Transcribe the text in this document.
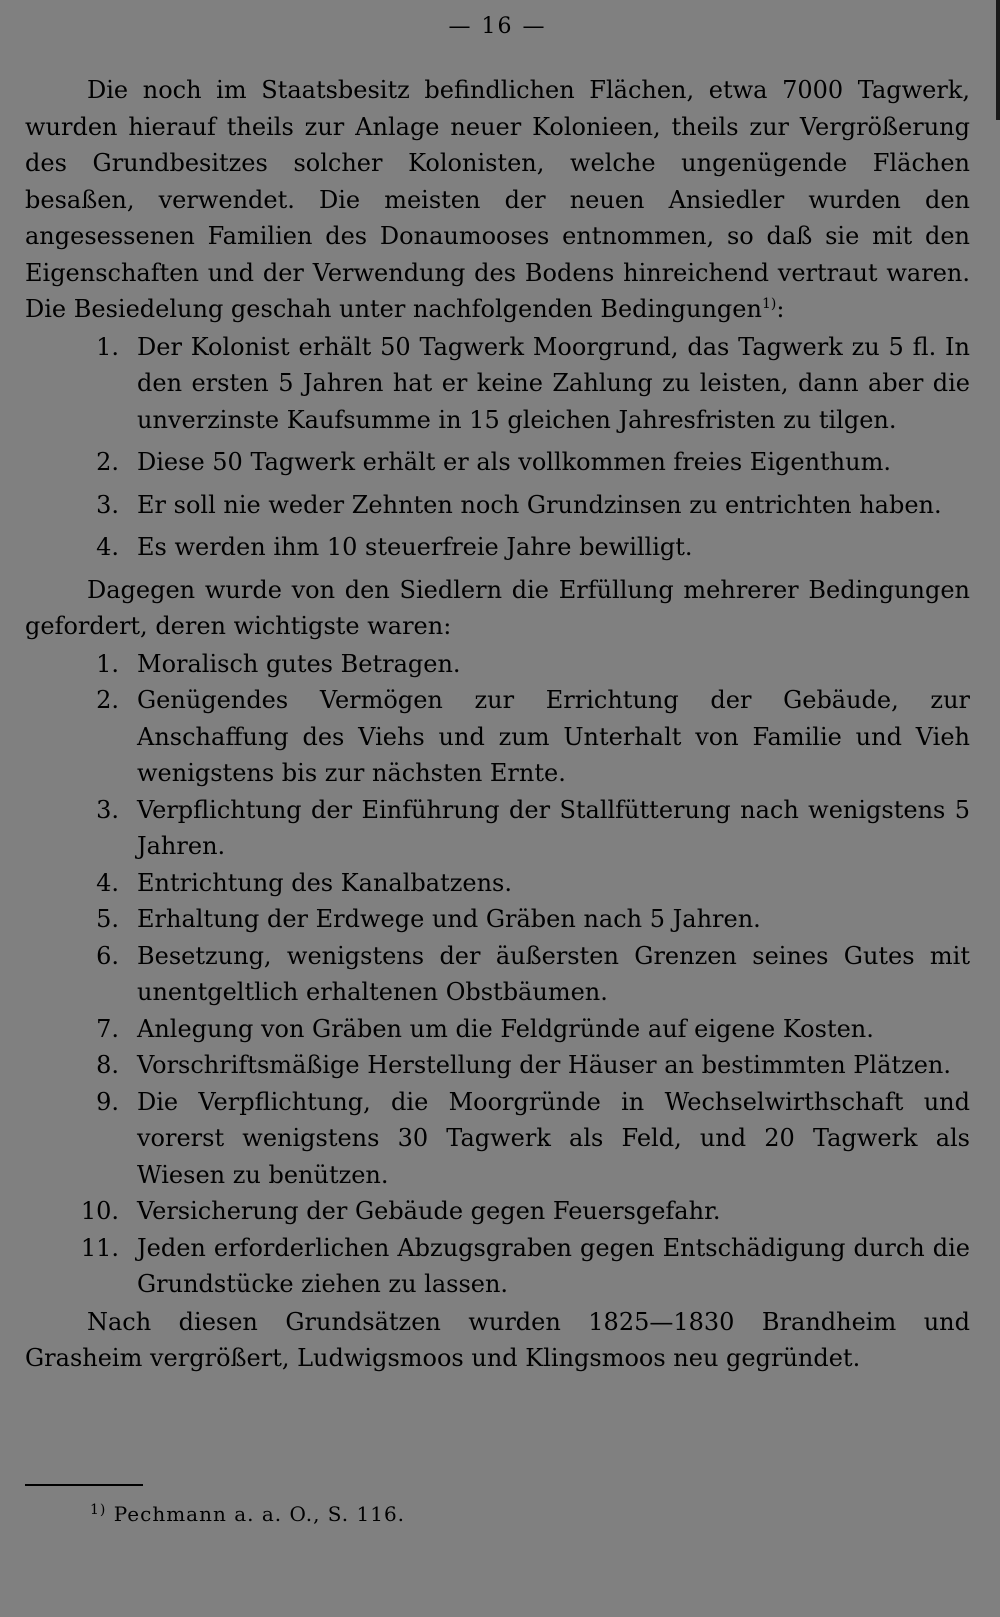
— 16 —

Die noch im Staatsbesitz befindlichen Flächen, etwa 7000 Tagwerk, wurden hierauf theils zur Anlage neuer Kolonieen, theils zur Vergrößerung des Grundbesitzes solcher Kolonisten, welche ungenügende Flächen besaßen, verwendet. Die meisten der neuen Ansiedler wurden den angesessenen Familien des Donaumooses entnommen, so daß sie mit den Eigenschaften und der Verwendung des Bodens hinreichend vertraut waren. Die Besiedelung geschah unter nachfolgenden Bedingungen$^{1)}$:

1. Der Kolonist erhält 50 Tagwerk Moorgrund, das Tagwerk zu 5 fl. In den ersten 5 Jahren hat er keine Zahlung zu leisten, dann aber die unverzinste Kaufsumme in 15 gleichen Jahresfristen zu tilgen.
2. Diese 50 Tagwerk erhält er als vollkommen freies Eigenthum.
3. Er soll nie weder Zehnten noch Grundzinsen zu entrichten haben.
4. Es werden ihm 10 steuerfreie Jahre bewilligt.

Dagegen wurde von den Siedlern die Erfüllung mehrerer Bedingungen gefordert, deren wichtigste waren:

1. Moralisch gutes Betragen.
2. Genügendes Vermögen zur Errichtung der Gebäude, zur Anschaffung des Viehs und zum Unterhalt von Familie und Vieh wenigstens bis zur nächsten Ernte.
3. Verpflichtung der Einführung der Stallfütterung nach wenigstens 5 Jahren.
4. Entrichtung des Kanalbatzens.
5. Erhaltung der Erdwege und Gräben nach 5 Jahren.
6. Besetzung, wenigstens der äußersten Grenzen seines Gutes mit unentgeltlich erhaltenen Obstbäumen.
7. Anlegung von Gräben um die Feldgründe auf eigene Kosten.
8. Vorschriftsmäßige Herstellung der Häuser an bestimmten Plätzen.
9. Die Verpflichtung, die Moorgründe in Wechselwirthschaft und vorerst wenigstens 30 Tagwerk als Feld, und 20 Tagwerk als Wiesen zu benützen.
10. Versicherung der Gebäude gegen Feuersgefahr.
11. Jeden erforderlichen Abzugsgraben gegen Entschädigung durch die Grundstücke ziehen zu lassen.

Nach diesen Grundsätzen wurden 1825—1830 Brandheim und Grasheim vergrößert, Ludwigsmoos und Klingsmoos neu gegründet.

$^{1)}$ Pechmann a. a. O., S. 116.
